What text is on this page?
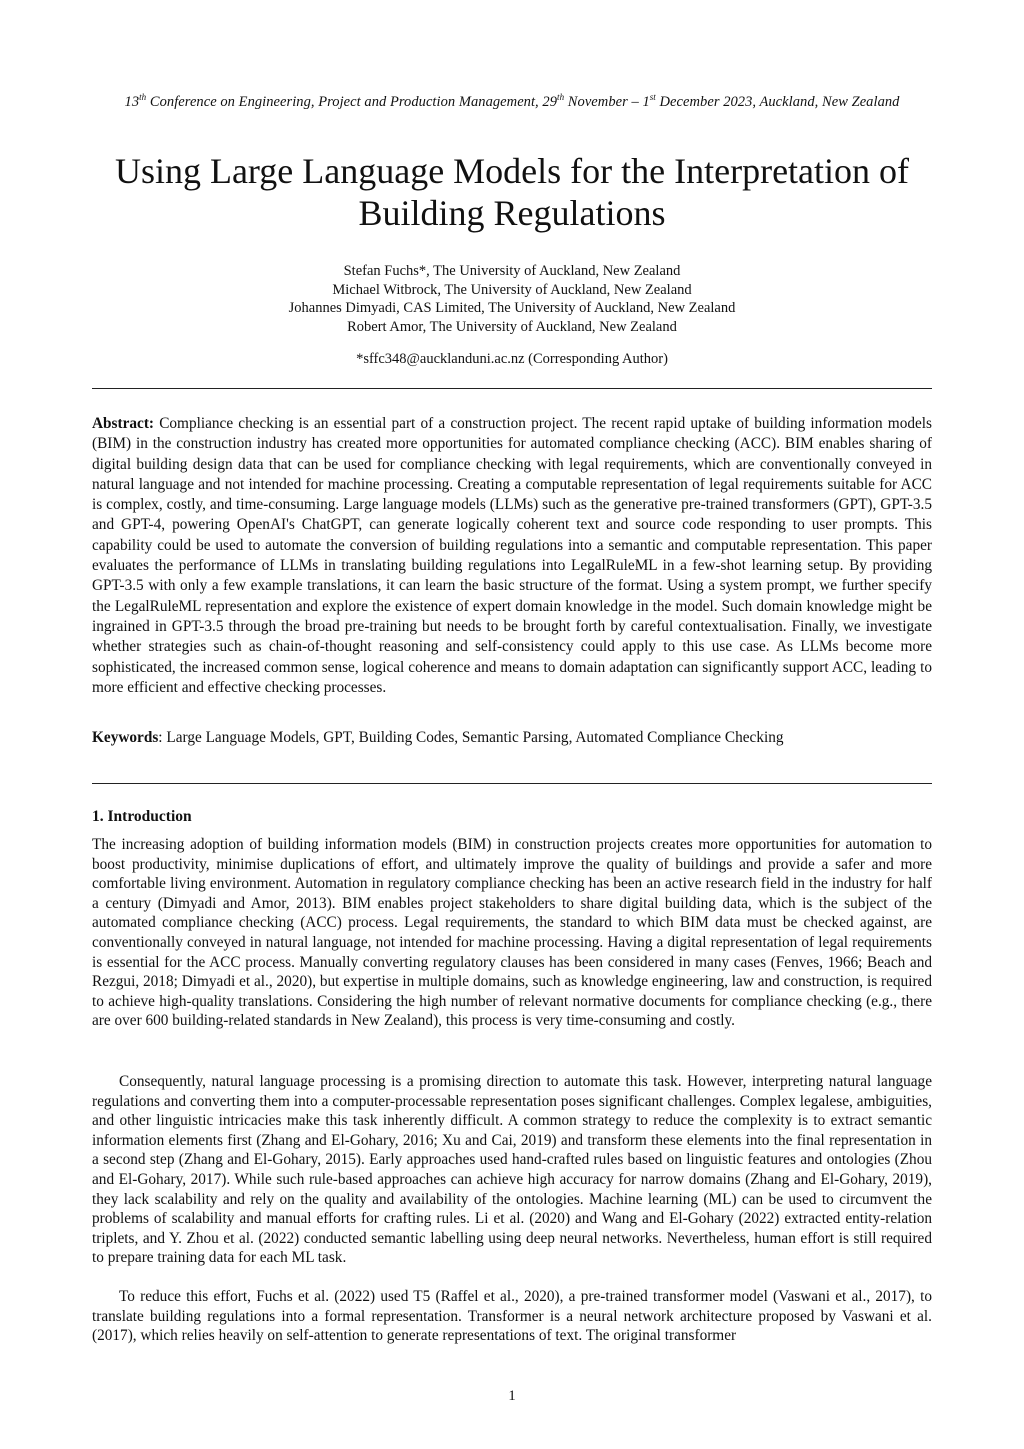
13th Conference on Engineering, Project and Production Management, 29th November – 1st December 2023, Auckland, New Zealand
Using Large Language Models for the Interpretation of Building Regulations
Stefan Fuchs*, The University of Auckland, New Zealand
Michael Witbrock, The University of Auckland, New Zealand
Johannes Dimyadi, CAS Limited, The University of Auckland, New Zealand
Robert Amor, The University of Auckland, New Zealand
*sffc348@aucklanduni.ac.nz (Corresponding Author)
Abstract: Compliance checking is an essential part of a construction project. The recent rapid uptake of building information models (BIM) in the construction industry has created more opportunities for automated compliance checking (ACC). BIM enables sharing of digital building design data that can be used for compliance checking with legal requirements, which are conventionally conveyed in natural language and not intended for machine processing. Creating a computable representation of legal requirements suitable for ACC is complex, costly, and time-consuming. Large language models (LLMs) such as the generative pre-trained transformers (GPT), GPT-3.5 and GPT-4, powering OpenAI's ChatGPT, can generate logically coherent text and source code responding to user prompts. This capability could be used to automate the conversion of building regulations into a semantic and computable representation. This paper evaluates the performance of LLMs in translating building regulations into LegalRuleML in a few-shot learning setup. By providing GPT-3.5 with only a few example translations, it can learn the basic structure of the format. Using a system prompt, we further specify the LegalRuleML representation and explore the existence of expert domain knowledge in the model. Such domain knowledge might be ingrained in GPT-3.5 through the broad pre-training but needs to be brought forth by careful contextualisation. Finally, we investigate whether strategies such as chain-of-thought reasoning and self-consistency could apply to this use case. As LLMs become more sophisticated, the increased common sense, logical coherence and means to domain adaptation can significantly support ACC, leading to more efficient and effective checking processes.
Keywords: Large Language Models, GPT, Building Codes, Semantic Parsing, Automated Compliance Checking
1. Introduction
The increasing adoption of building information models (BIM) in construction projects creates more opportunities for automation to boost productivity, minimise duplications of effort, and ultimately improve the quality of buildings and provide a safer and more comfortable living environment. Automation in regulatory compliance checking has been an active research field in the industry for half a century (Dimyadi and Amor, 2013). BIM enables project stakeholders to share digital building data, which is the subject of the automated compliance checking (ACC) process. Legal requirements, the standard to which BIM data must be checked against, are conventionally conveyed in natural language, not intended for machine processing. Having a digital representation of legal requirements is essential for the ACC process. Manually converting regulatory clauses has been considered in many cases (Fenves, 1966; Beach and Rezgui, 2018; Dimyadi et al., 2020), but expertise in multiple domains, such as knowledge engineering, law and construction, is required to achieve high-quality translations. Considering the high number of relevant normative documents for compliance checking (e.g., there are over 600 building-related standards in New Zealand), this process is very time-consuming and costly.
Consequently, natural language processing is a promising direction to automate this task. However, interpreting natural language regulations and converting them into a computer-processable representation poses significant challenges. Complex legalese, ambiguities, and other linguistic intricacies make this task inherently difficult. A common strategy to reduce the complexity is to extract semantic information elements first (Zhang and El-Gohary, 2016; Xu and Cai, 2019) and transform these elements into the final representation in a second step (Zhang and El-Gohary, 2015). Early approaches used hand-crafted rules based on linguistic features and ontologies (Zhou and El-Gohary, 2017). While such rule-based approaches can achieve high accuracy for narrow domains (Zhang and El-Gohary, 2019), they lack scalability and rely on the quality and availability of the ontologies. Machine learning (ML) can be used to circumvent the problems of scalability and manual efforts for crafting rules. Li et al. (2020) and Wang and El-Gohary (2022) extracted entity-relation triplets, and Y. Zhou et al. (2022) conducted semantic labelling using deep neural networks. Nevertheless, human effort is still required to prepare training data for each ML task.
To reduce this effort, Fuchs et al. (2022) used T5 (Raffel et al., 2020), a pre-trained transformer model (Vaswani et al., 2017), to translate building regulations into a formal representation. Transformer is a neural network architecture proposed by Vaswani et al. (2017), which relies heavily on self-attention to generate representations of text. The original transformer
1
